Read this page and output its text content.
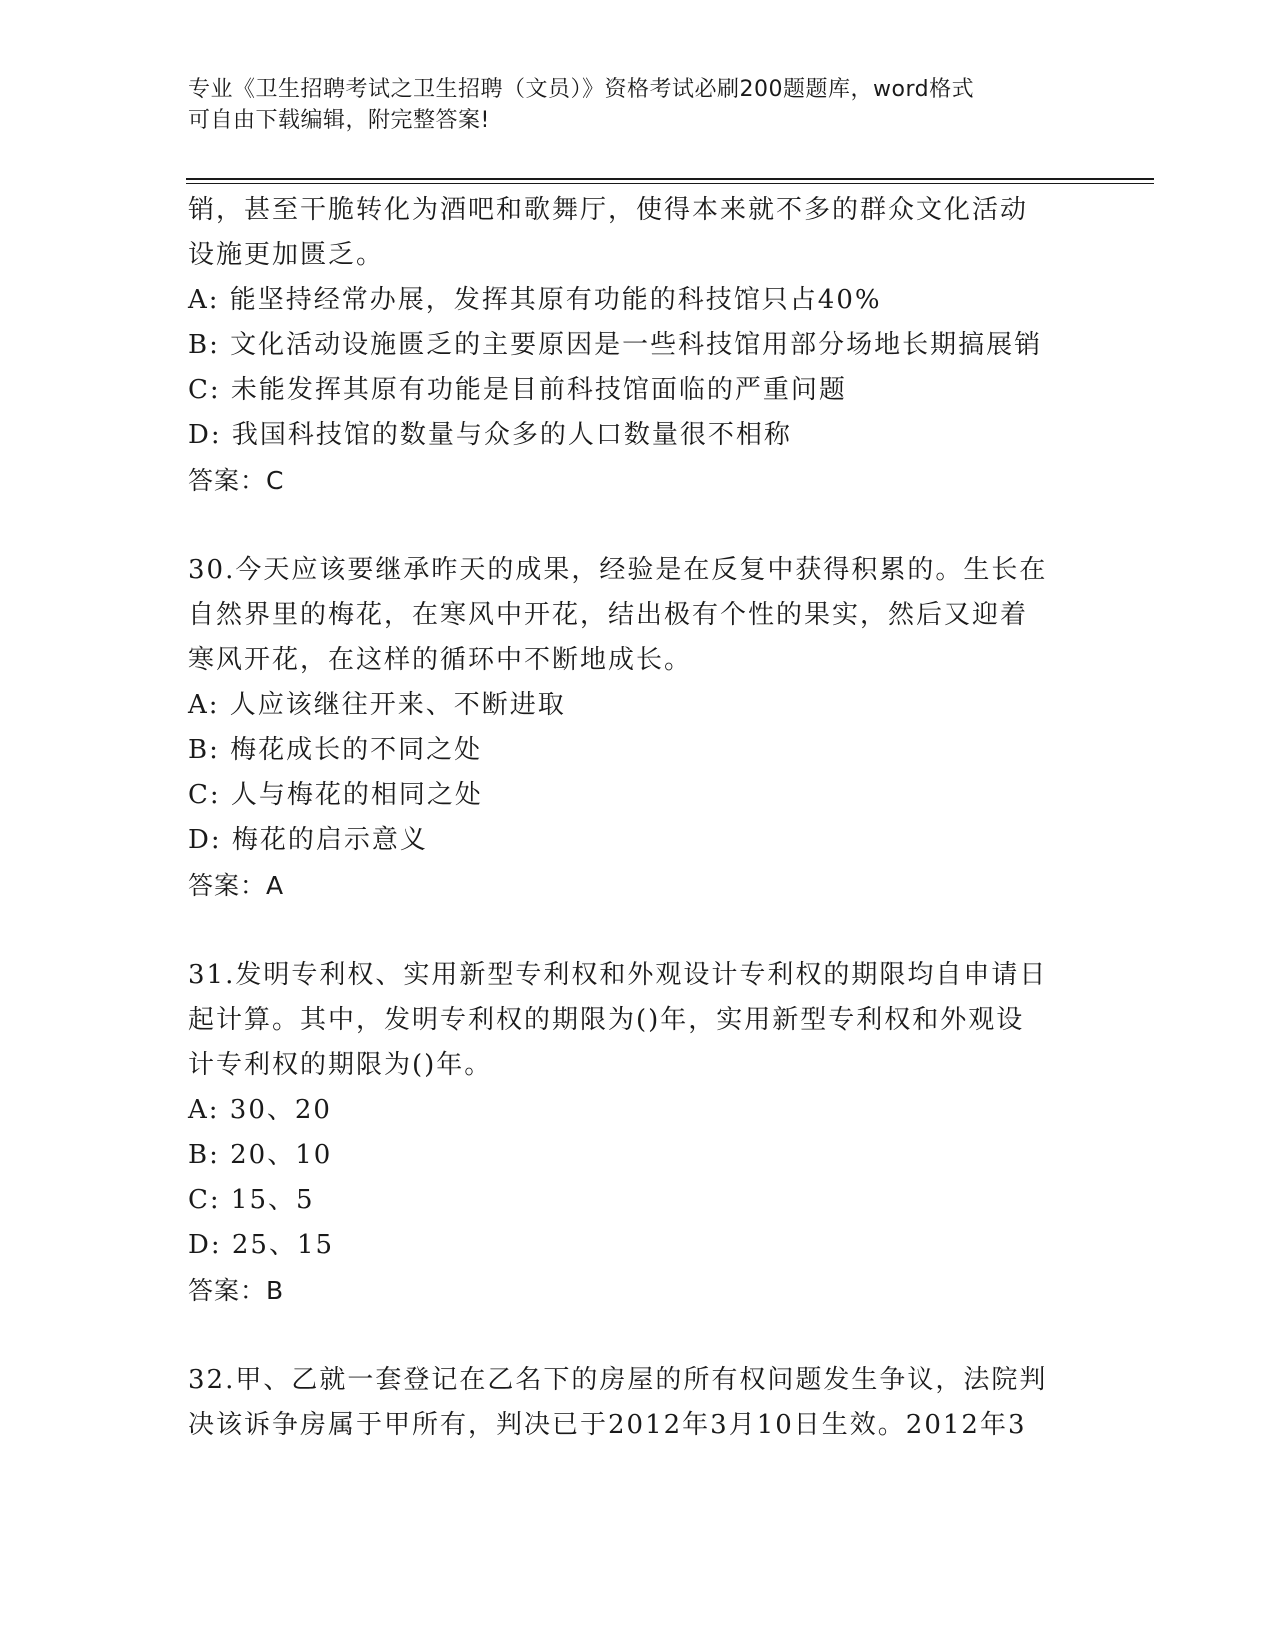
专业《卫生招聘考试之卫生招聘（文员）》资格考试必刷200题题库，word格式
可自由下载编辑，附完整答案!
销，甚至干脆转化为酒吧和歌舞厅，使得本来就不多的群众文化活动
设施更加匮乏。
A: 能坚持经常办展，发挥其原有功能的科技馆只占40%
B: 文化活动设施匮乏的主要原因是一些科技馆用部分场地长期搞展销
C: 未能发挥其原有功能是目前科技馆面临的严重问题
D: 我国科技馆的数量与众多的人口数量很不相称
答案：C
30.今天应该要继承昨天的成果，经验是在反复中获得积累的。生长在
自然界里的梅花，在寒风中开花，结出极有个性的果实，然后又迎着
寒风开花，在这样的循环中不断地成长。
A: 人应该继往开来、不断进取
B: 梅花成长的不同之处
C: 人与梅花的相同之处
D: 梅花的启示意义
答案：A
31.发明专利权、实用新型专利权和外观设计专利权的期限均自申请日
起计算。其中，发明专利权的期限为()年，实用新型专利权和外观设
计专利权的期限为()年。
A: 30、20
B: 20、10
C: 15、5
D: 25、15
答案：B
32.甲、乙就一套登记在乙名下的房屋的所有权问题发生争议，法院判
决该诉争房属于甲所有，判决已于2012年3月10日生效。2012年3
